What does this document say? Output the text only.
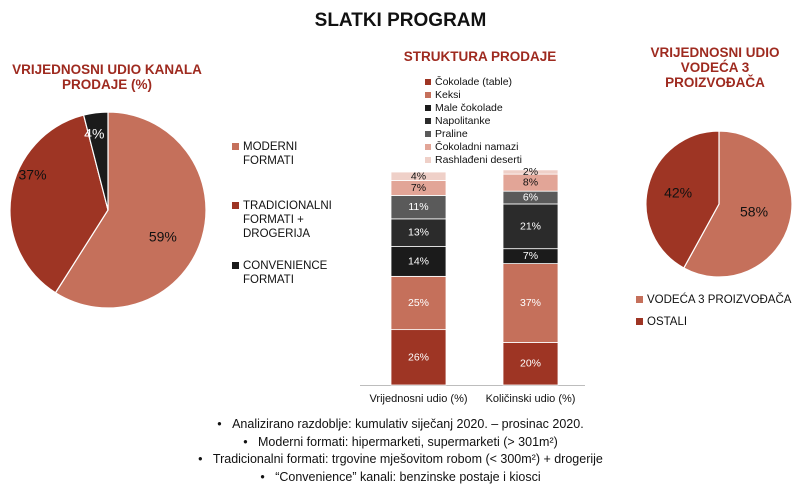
SLATKI PROGRAM
VRIJEDNOSNI UDIO KANALA PRODAJE (%)
STRUKTURA PRODAJE	VRIJEDNOSNI UDIO VODEĆA 3 PROIZVOĐAČA
59%
37%
4%
58%
42%
26%
25%
14%
13%
11%
7%
4%
Vrijednosni udio (%)
20%
37%
7%
21%
6%
8%
2%
Količinski udio (%)
MODERNI
FORMATI
TRADICIONALNI
FORMATI +
DROGERIJA
CONVENIENCE
FORMATI
Čokolade (table)
Keksi
Male čokolade
Napolitanke
Praline
Čokoladni namazi
Rashlađeni deserti
VODEĆA 3 PROIZVOĐAČA
OSTALI
•   Analizirano razdoblje: kumulativ siječanj 2020. – prosinac 2020.
•   Moderni formati: hipermarketi, supermarketi (> 301m²)
•   Tradicionalni formati: trgovine mješovitom robom (< 300m²) + drogerije
•   “Convenience” kanali: benzinske postaje i kiosci
